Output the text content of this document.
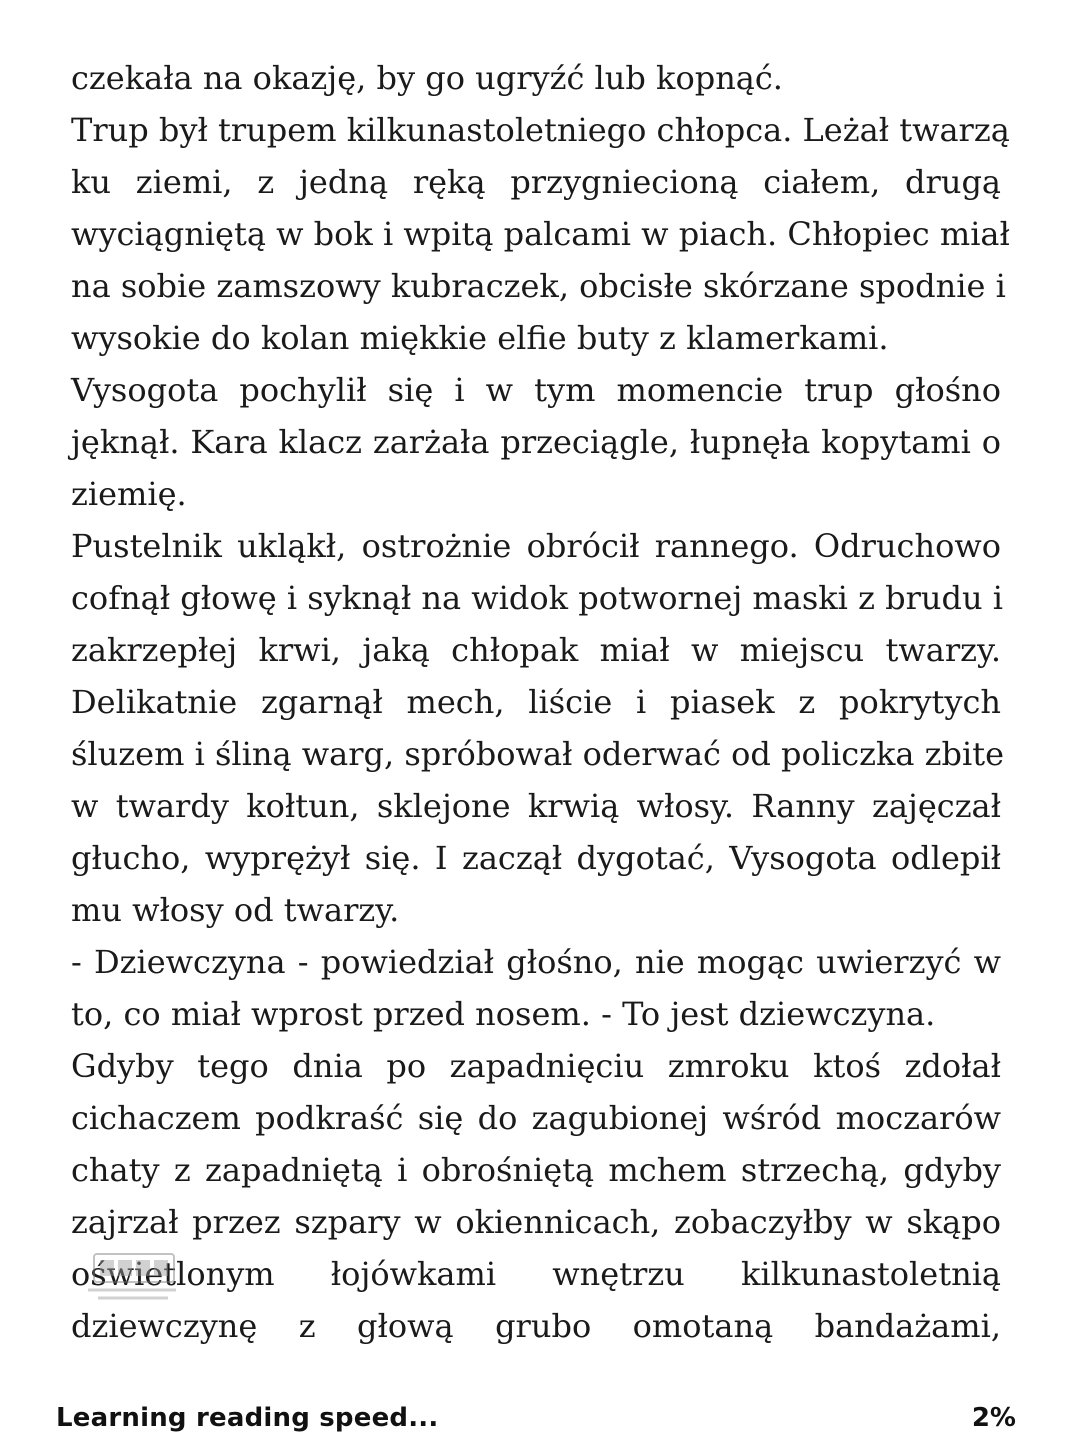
czekała na okazję, by go ugryźć lub kopnąć.
Trup był trupem kilkunastoletniego chłopca. Leżał twarzą
ku ziemi, z jedną ręką przygniecioną ciałem, drugą
wyciągniętą w bok i wpitą palcami w piach. Chłopiec miał
na sobie zamszowy kubraczek, obcisłe skórzane spodnie i
wysokie do kolan miękkie elfie buty z klamerkami.
Vysogota pochylił się i w tym momencie trup głośno
jęknął. Kara klacz zarżała przeciągle, łupnęła kopytami o
ziemię.
Pustelnik ukląkł, ostrożnie obrócił rannego. Odruchowo
cofnął głowę i syknął na widok potwornej maski z brudu i
zakrzepłej krwi, jaką chłopak miał w miejscu twarzy.
Delikatnie zgarnął mech, liście i piasek z pokrytych
śluzem i śliną warg, spróbował oderwać od policzka zbite
w twardy kołtun, sklejone krwią włosy. Ranny zajęczał
głucho, wyprężył się. I zaczął dygotać, Vysogota odlepił
mu włosy od twarzy.
- Dziewczyna - powiedział głośno, nie mogąc uwierzyć w
to, co miał wprost przed nosem. - To jest dziewczyna.
Gdyby tego dnia po zapadnięciu zmroku ktoś zdołał
cichaczem podkraść się do zagubionej wśród moczarów
chaty z zapadniętą i obrośniętą mchem strzechą, gdyby
zajrzał przez szpary w okiennicach, zobaczyłby w skąpo
oświetlonym łojówkami wnętrzu kilkunastoletnią
dziewczynę z głową grubo omotaną bandażami,
Learning reading speed...	2%
